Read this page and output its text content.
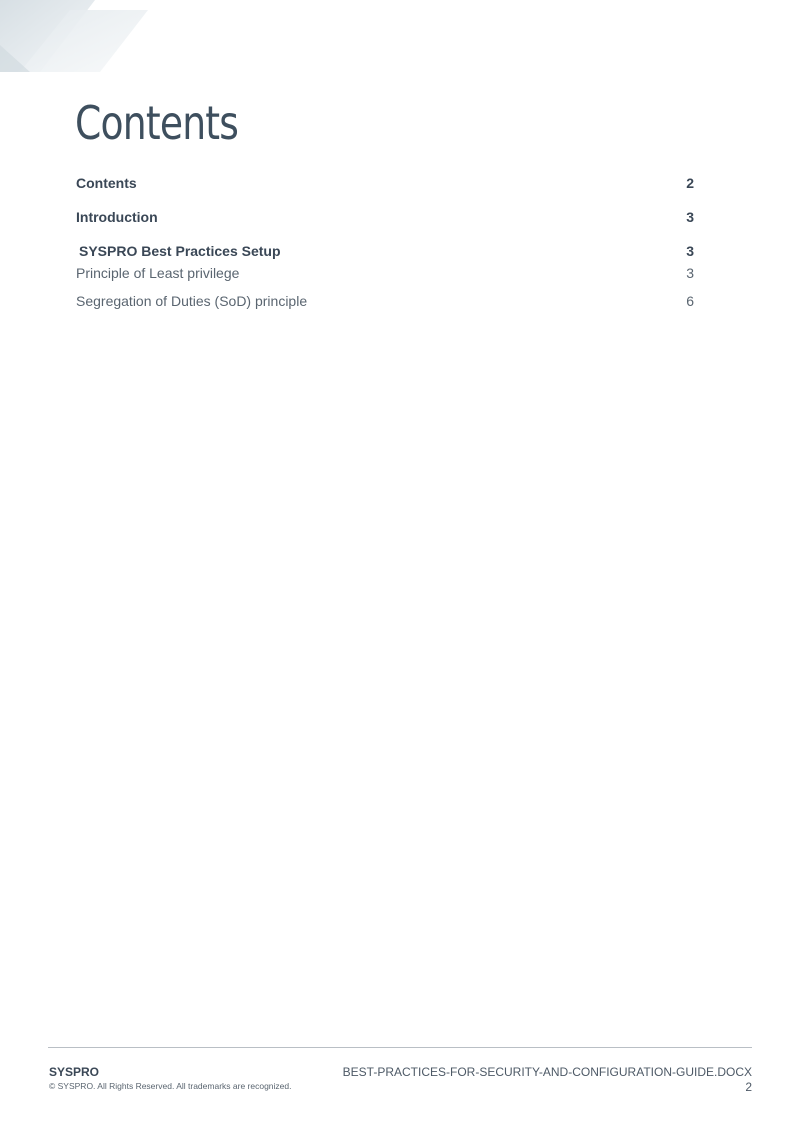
Contents
Contents	2
Introduction	3
SYSPRO Best Practices Setup	3
Principle of Least privilege	3
Segregation of Duties (SoD) principle	6
SYSPRO
© SYSPRO. All Rights Reserved. All trademarks are recognized.
BEST-PRACTICES-FOR-SECURITY-AND-CONFIGURATION-GUIDE.DOCX
2
